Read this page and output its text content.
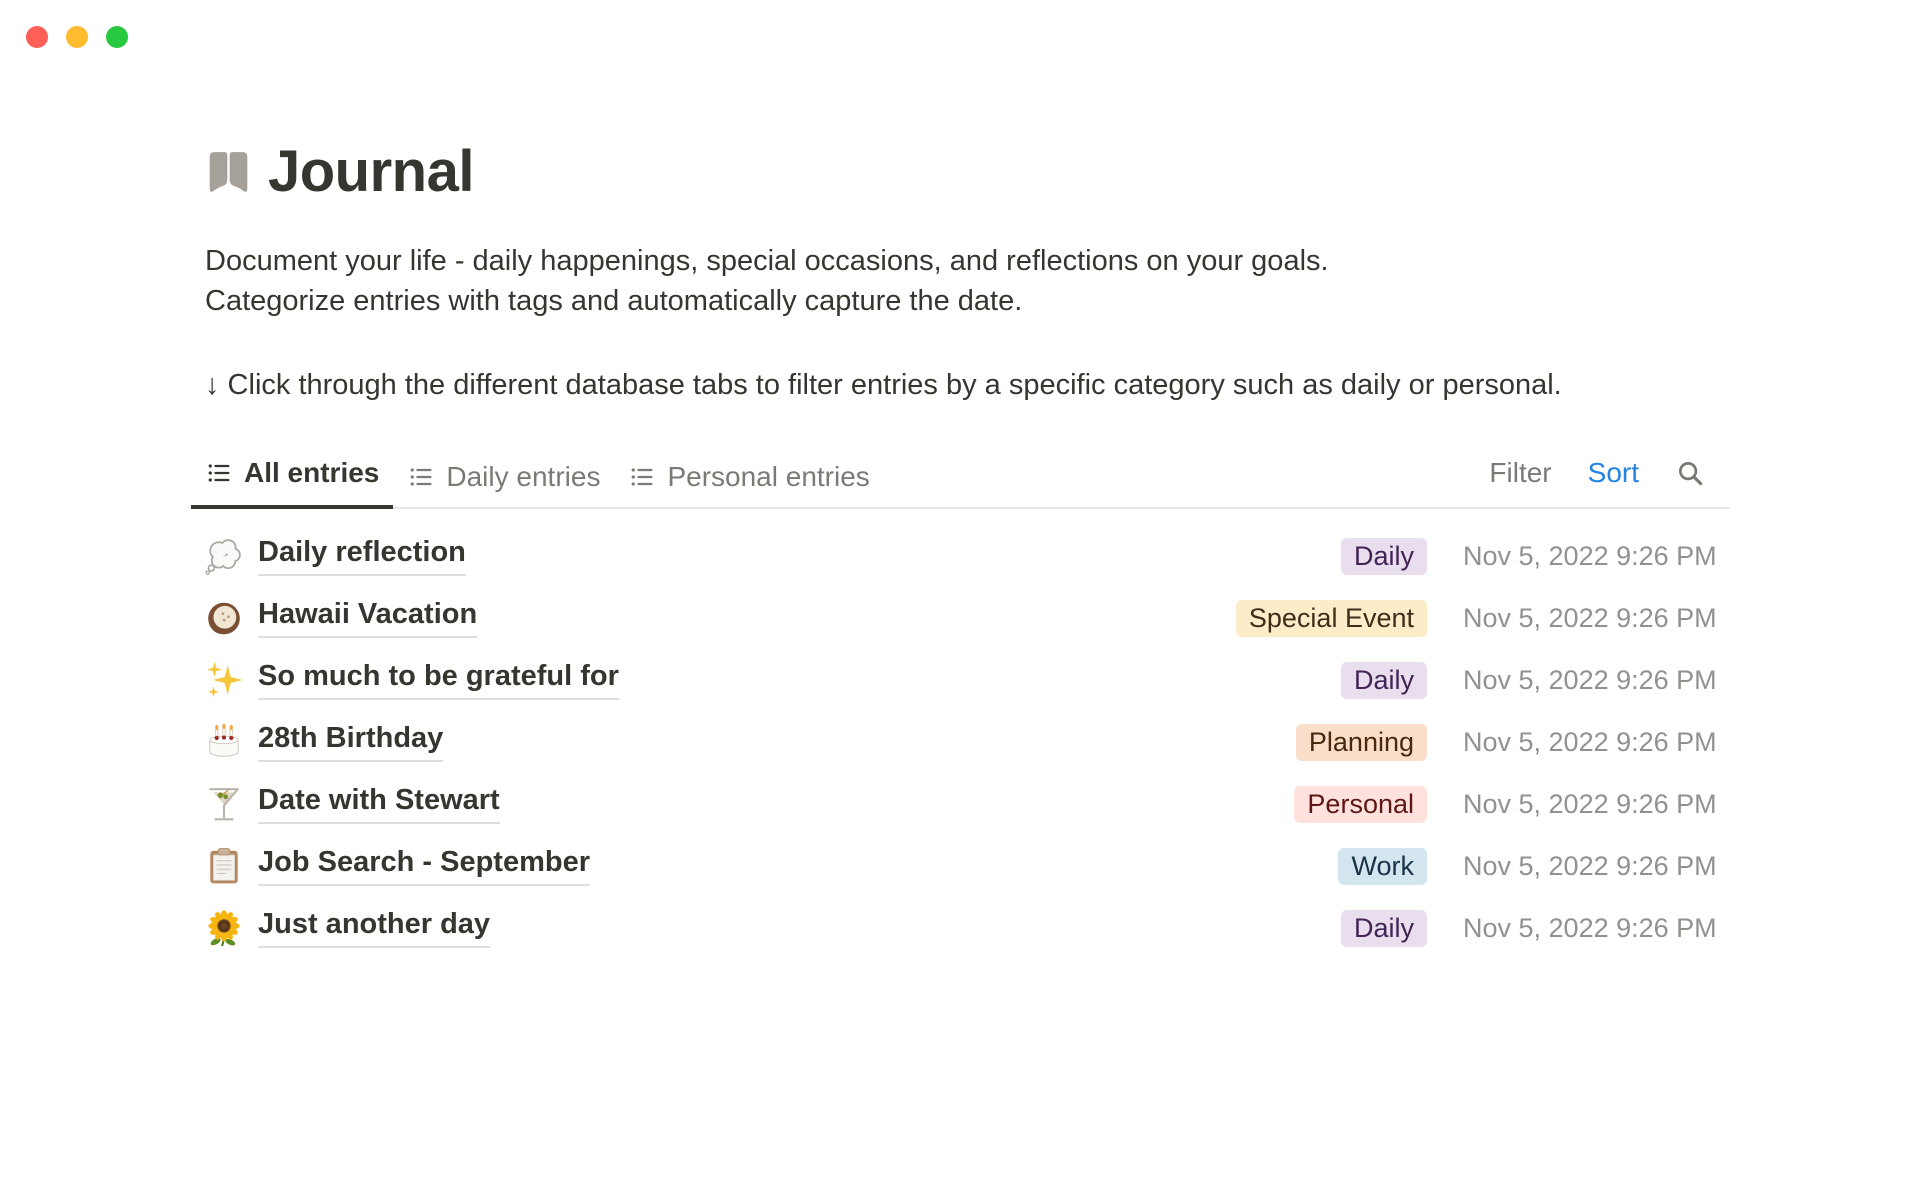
Journal
Document your life - daily happenings, special occasions, and reflections on your goals.
Categorize entries with tags and automatically capture the date.
↓ Click through the different database tabs to filter entries by a specific category such as daily or personal.
All entries Daily entries Personal entries	Filter Sort
Daily reflection	Daily	Nov 5, 2022 9:26 PM
Hawaii Vacation	Special Event	Nov 5, 2022 9:26 PM
So much to be grateful for	Daily	Nov 5, 2022 9:26 PM
28th Birthday	Planning	Nov 5, 2022 9:26 PM
Date with Stewart	Personal	Nov 5, 2022 9:26 PM
Job Search - September	Work	Nov 5, 2022 9:26 PM
Just another day	Daily	Nov 5, 2022 9:26 PM
